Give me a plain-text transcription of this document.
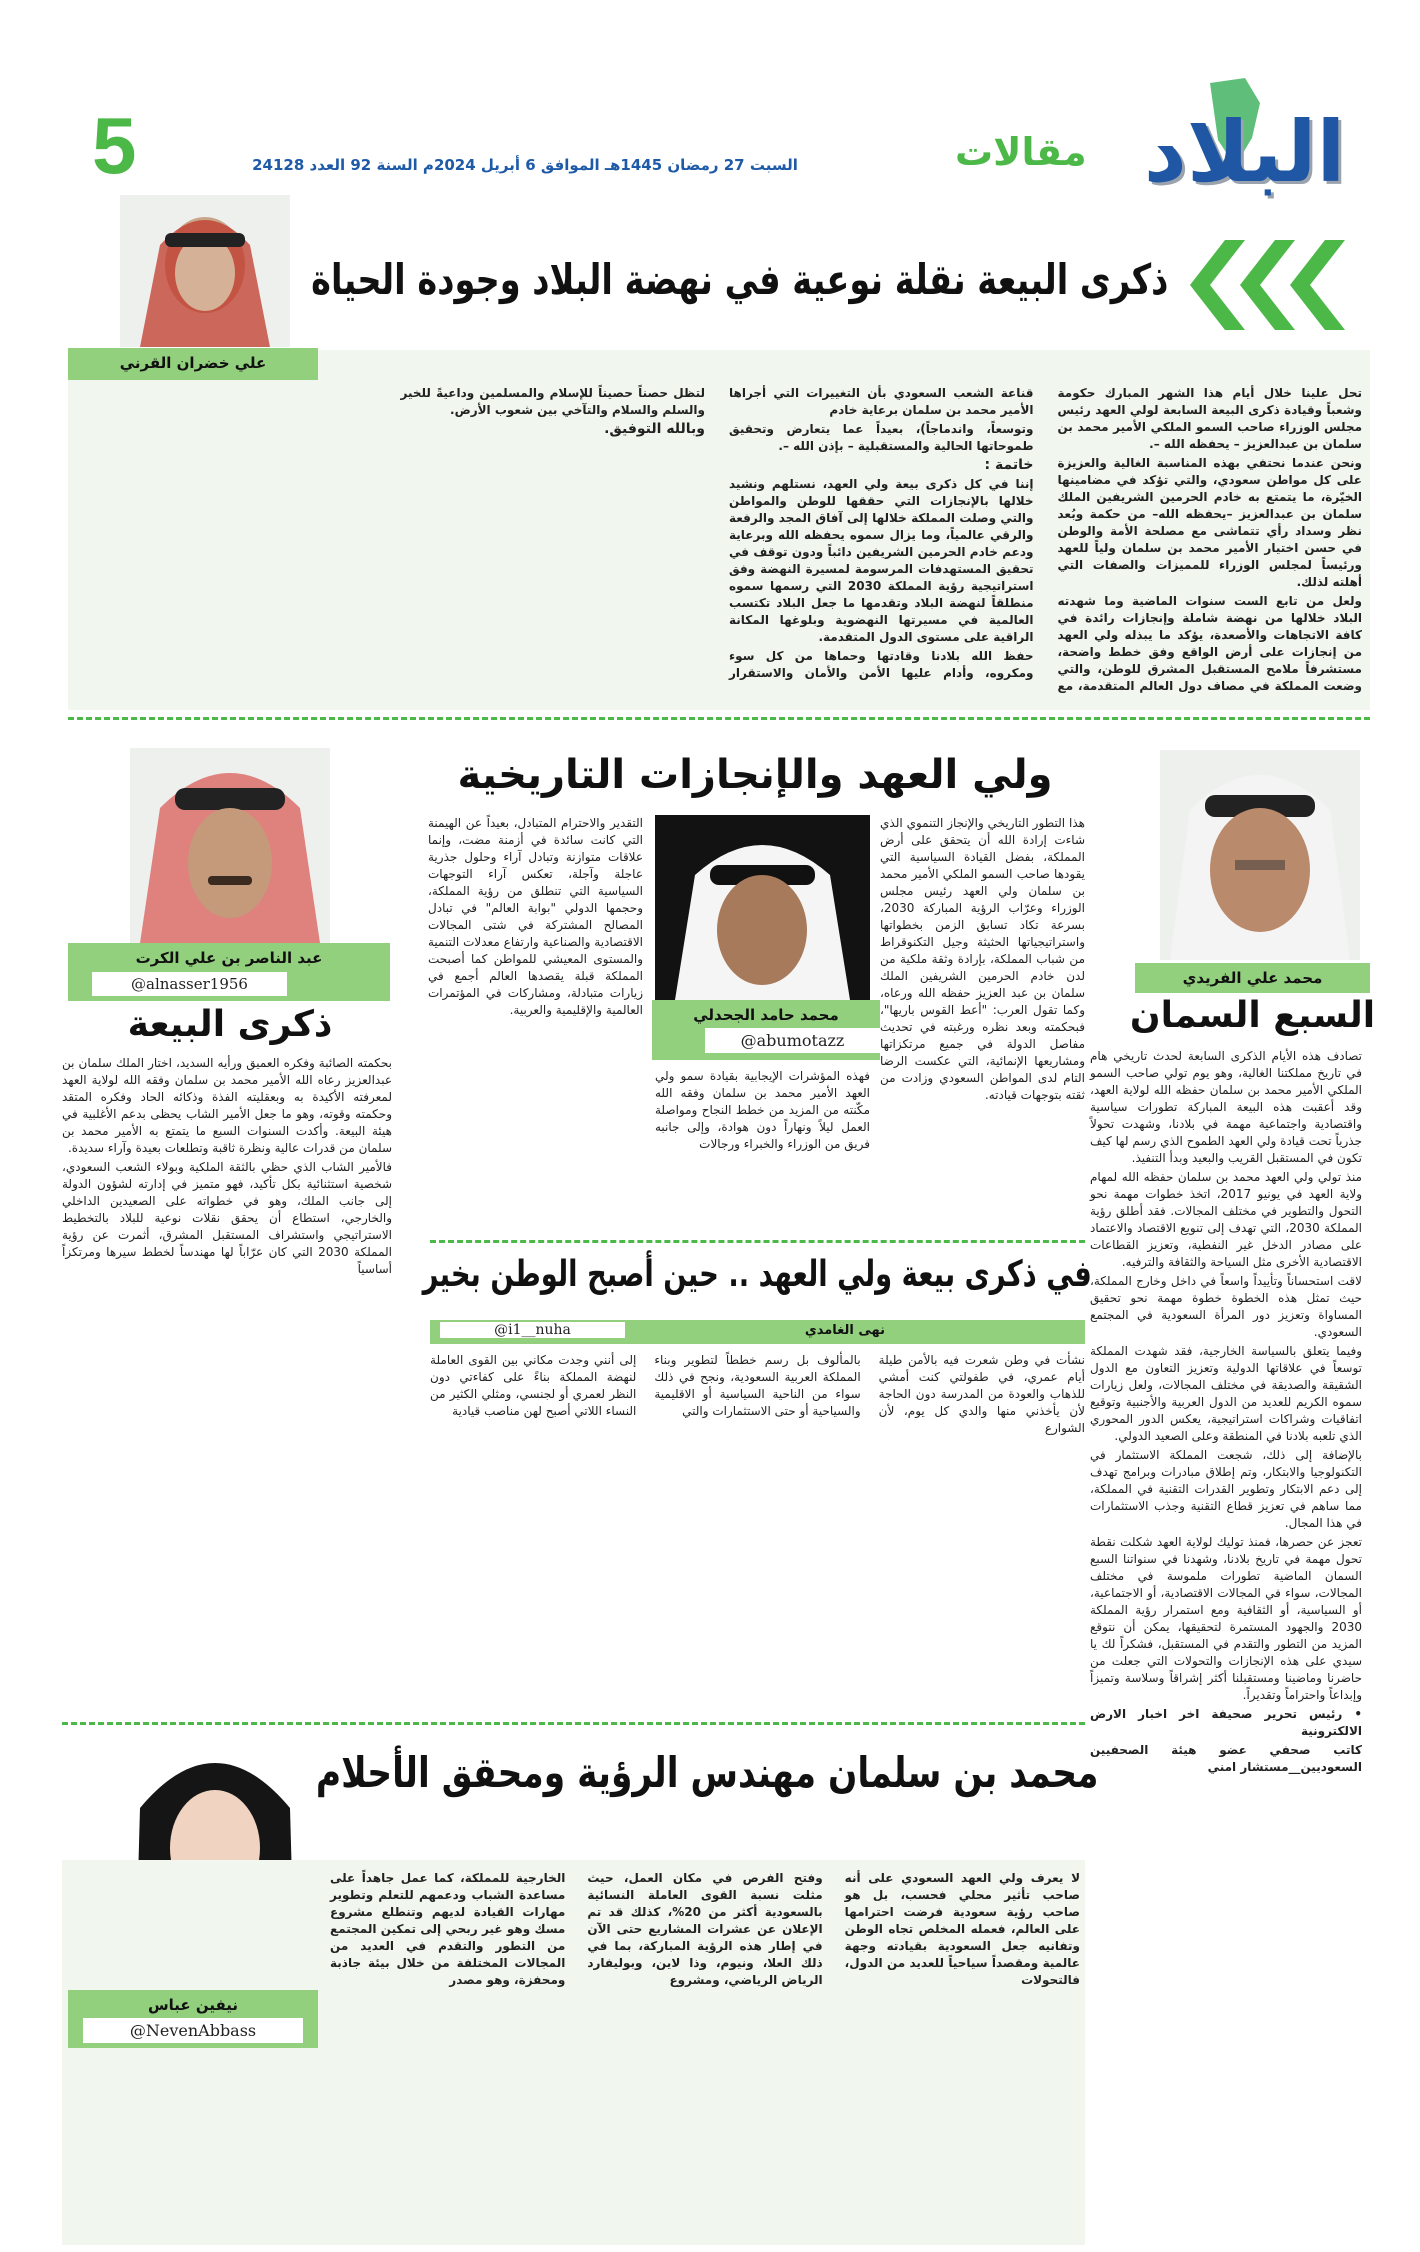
البلاد
مقالات
السبت 27 رمضان 1445هـ الموافق 6 أبريل 2024م السنة 92 العدد 24128
5
ذكرى البيعة نقلة نوعية في نهضة البلاد وجودة الحياة
علي خضران القرني

تحل علينا خلال أيام هذا الشهر المبارك حكومة وشعباً وقيادة ذكرى البيعة السابعة لولي العهد رئيس مجلس الوزراء صاحب السمو الملكي الأمير محمد بن سلمان بن عبدالعزيز – يحفظه الله –.

ونحن عندما نحتفي بهذه المناسبة الغالية والعزيزة على كل مواطن سعودي، والتي تؤكد في مضامينها الخيّرة، ما يتمتع به خادم الحرمين الشريفين الملك سلمان بن عبدالعزيز –يحفظه الله– من حكمة وبُعد نظر وسداد رأي تتماشى مع مصلحة الأمة والوطن في حسن اختيار الأمير محمد بن سلمان ولياً للعهد ورئيساً لمجلس الوزراء للمميزات والصفات التي أهلته لذلك.

ولعل من تابع الست سنوات الماضية وما شهدته البلاد خلالها من نهضة شاملة وإنجازات رائدة في كافة الاتجاهات والأصعدة، يؤكد ما يبذله ولي العهد من إنجازات على أرض الواقع وفق خطط واضحة، مستشرفاً ملامح المستقبل المشرق للوطن، والتي وضعت المملكة في مصاف دول العالم المتقدمة، مع قناعة الشعب السعودي بأن التغييرات التي أجراها الأمير محمد بن سلمان برعاية خادم

وتوسعاً، واندماجاً)، بعيداً عما يتعارض وتحقيق طموحاتها الحالية والمستقبلية – بإذن الله –.

خاتمة :

إننا في كل ذكرى بيعة ولي العهد، نستلهم ونشيد خلالها بالإنجازات التي حققها للوطن والمواطن والتي وصلت المملكة خلالها إلى آفاق المجد والرفعة والرقي عالمياً، وما يزال سموه يحفظه الله وبرعاية ودعم خادم الحرمين الشريفين دائباً ودون توقف في تحقيق المستهدفات المرسومة لمسيرة النهضة وفق استراتيجية رؤية المملكة 2030 التي رسمها سموه منطلقاً لنهضة البلاد وتقدمها ما جعل البلاد تكتسب العالمية في مسيرتها النهضوية وبلوغها المكانة الراقية على مستوى الدول المتقدمة.

حفظ الله بلادنا وقادتها وحماها من كل سوء ومكروه، وأدام عليها الأمن والأمان والاستقرار لتظل حصناً حصيناً للإسلام والمسلمين وداعيةً للخير والسلم والسلام والتآخي بين شعوب الأرض.

وبالله التوفيق.
محمد علي الفريدي
السبع السمان

تصادف هذه الأيام الذكرى السابعة لحدث تاريخي هام في تاريخ مملكتنا الغالية، وهو يوم تولي صاحب السمو الملكي الأمير محمد بن سلمان حفظه الله لولاية العهد، وقد أعقبت هذه البيعة المباركة تطورات سياسية واقتصادية واجتماعية مهمة في بلادنا، وشهدت تحولاً جذرياً تحت قيادة ولي العهد الطموح الذي رسم لها كيف تكون في المستقبل القريب والبعيد وبدأ التنفيذ.

منذ تولي ولي العهد محمد بن سلمان حفظه الله لمهام ولاية العهد في يونيو 2017، اتخذ خطوات مهمة نحو التحول والتطوير في مختلف المجالات. فقد أطلق رؤية المملكة 2030، التي تهدف إلى تنويع الاقتصاد والاعتماد على مصادر الدخل غير النفطية، وتعزيز القطاعات الاقتصادية الأخرى مثل السياحة والثقافة والترفيه.

لاقت استحساناً وتأييداً واسعاً في داخل وخارج المملكة، حيث تمثل هذه الخطوة خطوة مهمة نحو تحقيق المساواة وتعزيز دور المرأة السعودية في المجتمع السعودي.

وفيما يتعلق بالسياسة الخارجية، فقد شهدت المملكة توسعاً في علاقاتها الدولية وتعزيز التعاون مع الدول الشقيقة والصديقة في مختلف المجالات، ولعل زيارات سموه الكريم للعديد من الدول العربية والأجنبية وتوقيع اتفاقيات وشراكات استراتيجية، يعكس الدور المحوري الذي تلعبه بلادنا في المنطقة وعلى الصعيد الدولي.

بالإضافة إلى ذلك، شجعت المملكة الاستثمار في التكنولوجيا والابتكار، وتم إطلاق مبادرات وبرامج تهدف إلى دعم الابتكار وتطوير القدرات التقنية في المملكة، مما ساهم في تعزيز قطاع التقنية وجذب الاستثمارات في هذا المجال.

تعجز عن حصرها، فمنذ توليك لولاية العهد شكلت نقطة تحول مهمة في تاريخ بلادنا، وشهدنا في سنواتنا السبع السمان الماضية تطورات ملموسة في مختلف المجالات، سواء في المجالات الاقتصادية، أو الاجتماعية، أو السياسية، أو الثقافية ومع استمرار رؤية المملكة 2030 والجهود المستمرة لتحقيقها، يمكن أن نتوقع المزيد من التطور والتقدم في المستقبل، فشكراً لك يا سيدي على هذه الإنجازات والتحولات التي جعلت من حاضرنا وماضينا ومستقبلنا أكثر إشراقاً وسلاسة وتميزاً وإبداعاً واحتراماً وتقديراً.

• رئيس تحرير صحيفة اخر اخبار الارض الالكترونية

كاتب صحفي عضو هيئة الصحفيين السعوديين__مستشار امني

ولي العهد والإنجازات التاريخية
محمد حامد الجحدلي
@abumotazz

هذا التطور التاريخي والإنجاز التنموي الذي شاءت إرادة الله أن يتحقق على أرض المملكة، بفضل القيادة السياسية التي يقودها صاحب السمو الملكي الأمير محمد بن سلمان ولي العهد رئيس مجلس الوزراء وعرّاب الرؤية المباركة 2030، بسرعة تكاد تسابق الزمن بخطواتها واستراتيجياتها الحثيثة وجيل التكنوقراط من شباب المملكة، بإرادة وثقة ملكية من لدن خادم الحرمين الشريفين الملك سلمان بن عبد العزيز حفظه الله ورعاه، وكما تقول العرب: "أعط القوس باريها"، فبحكمته وبعد نظره ورغبته في تحديث مفاصل الدولة في جميع مرتكزاتها ومشاريعها الإنمائية، التي عكست الرضا التام لدى المواطن السعودي وزادت من ثقته بتوجهات قيادته.

التقدير والاحترام المتبادل، بعيداً عن الهيمنة التي كانت سائدة في أزمنة مضت، وإنما علاقات متوازنة وتبادل آراء وحلول جذرية عاجلة وآجلة، تعكس آراء التوجهات السياسية التي تنطلق من رؤية المملكة، وحجمها الدولي "بوابة العالم" في تبادل المصالح المشتركة في شتى المجالات الاقتصادية والصناعية وارتفاع معدلات التنمية والمستوى المعيشي للمواطن كما أصبحت المملكة قبلة يقصدها العالم أجمع في زيارات متبادلة، ومشاركات في المؤتمرات العالمية والإقليمية والعربية.

فهذه المؤشرات الإيجابية بقيادة سمو ولي العهد الأمير محمد بن سلمان وفقه الله مكّنته من المزيد من خطط النجاح ومواصلة العمل ليلاً ونهاراً دون هوادة، وإلى جانبه فريق من الوزراء والخبراء ورجالات

عبد الناصر بن علي الكرت
@alnasser1956
ذكرى البيعة

بحكمته الصائبة وفكره العميق ورأيه السديد، اختار الملك سلمان بن عبدالعزيز رعاه الله الأمير محمد بن سلمان وفقه الله لولاية العهد لمعرفته الأكيدة به وبعقليته الفذة وذكائه الحاد وفكره المتقد وحكمته وقوته، وهو ما جعل الأمير الشاب يحظى بدعم الأغلبية في هيئة البيعة. وأكدت السنوات السبع ما يتمتع به الأمير محمد بن سلمان من قدرات عالية ونظرة ثاقبة وتطلعات بعيدة وآراء سديدة.

فالأمير الشاب الذي حظي بالثقة الملكية وبولاء الشعب السعودي، شخصية استثنائية بكل تأكيد، فهو متميز في إدارته لشؤون الدولة إلى جانب الملك، وهو في خطواته على الصعيدين الداخلي والخارجي، استطاع أن يحقق نقلات نوعية للبلاد بالتخطيط الاستراتيجي واستشراف المستقبل المشرق، أثمرت عن رؤية المملكة 2030 التي كان عرّاباً لها مهندساً لخطط سيرها ومرتكزاً أساسياً في ذكرى بيعة ولي العهد .. حين أصبح الوطن بخير
نهى الغامدي
@i1__nuha

نشأت في وطن شعرت فيه بالأمن طيلة أيام عمري، في طفولتي كنت أمشي للذهاب والعودة من المدرسة دون الحاجة لأن يأخذني منها والدي كل يوم، لأن الشوارع

بالمألوف بل رسم خططاً لتطوير وبناء المملكة العربية السعودية، ونجح في ذلك سواء من الناحية السياسية أو الاقليمية والسياحية أو حتى الاستثمارات والتي

إلى أنني وجدت مكاني بين القوى العاملة لنهضة المملكة بناءً على كفاءتي دون النظر لعمري أو لجنسي، ومثلي الكثير من النساء اللاتي أصبح لهن مناصب قيادية

محمد بن سلمان مهندس الرؤية ومحقق الأحلام
نيفين عباس
@NevenAbbass

لا يعرف ولي العهد السعودي على أنه صاحب تأثير محلي فحسب، بل هو صاحب رؤية سعودية فرضت احترامها على العالم، فعمله المخلص تجاه الوطن وتفانيه جعل السعودية بقيادته وجهة عالمية ومقصداً سياحياً للعديد من الدول، فالتحولات

وفتح الفرص في مكان العمل، حيث مثلت نسبة القوى العاملة النسائية بالسعودية أكثر من 20%، كذلك قد تم الإعلان عن عشرات المشاريع حتى الآن في إطار هذه الرؤية المباركة، بما في ذلك العلا، ونيوم، وذا لاين، وبوليفارد الرياض الرياضي، ومشروع

الخارجية للمملكة، كما عمل جاهداً على مساعدة الشباب ودعمهم للتعلم وتطوير مهارات القيادة لديهم وتنطلع مشروع مسك وهو غير ربحي إلى تمكين المجتمع من التطور والتقدم في العديد من المجالات المختلفة من خلال بيئة جاذبة ومحفزة، وهو مصدر
